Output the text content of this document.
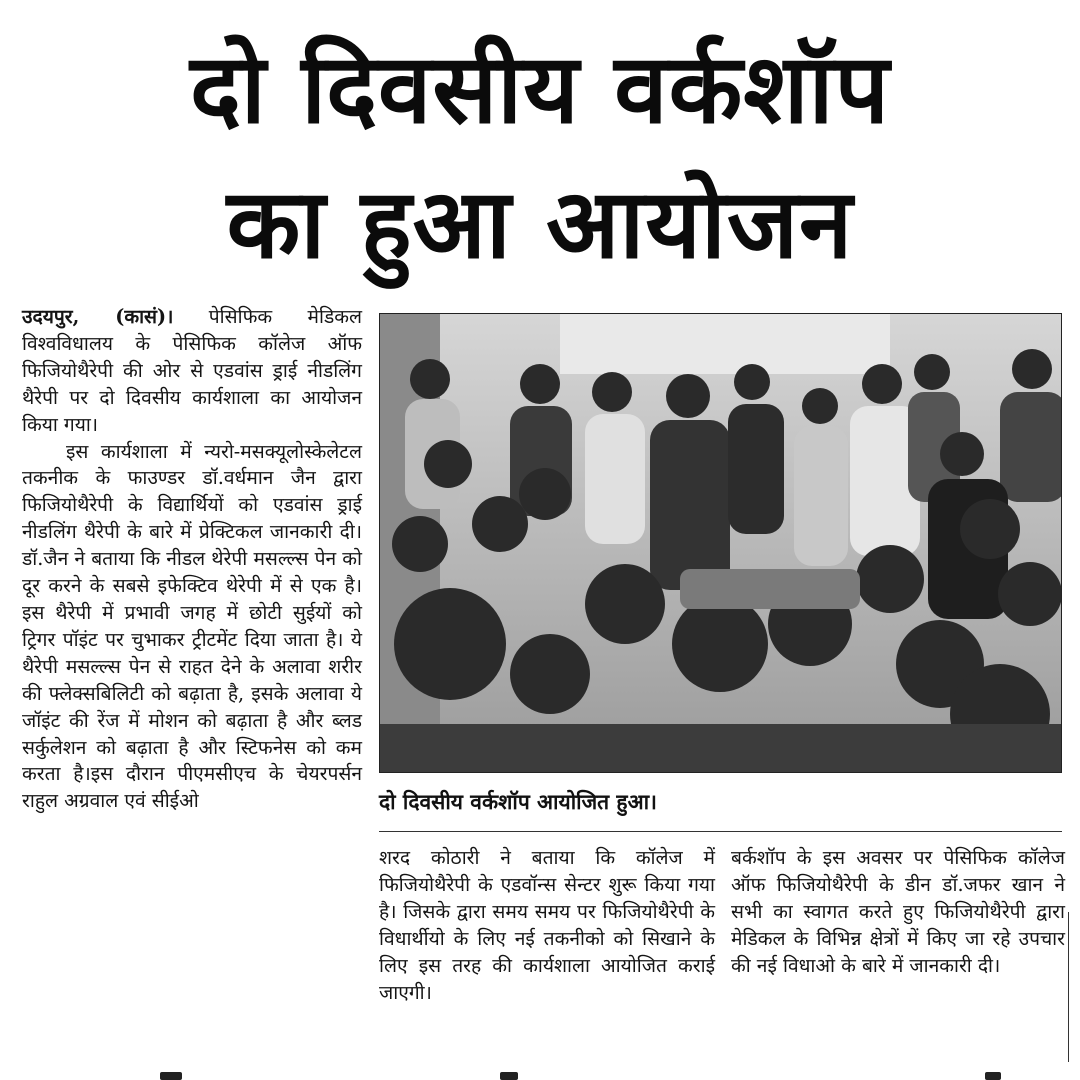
दो दिवसीय वर्कशॉप
का हुआ आयोजन

उदयपुर, (कासं)। पेसिफिक मेडिकल विश्वविधालय के पेसिफिक कॉलेज ऑफ फिजियोथैरेपी की ओर से एडवांस ड्राई नीडलिंग थैरेपी पर दो दिवसीय कार्यशाला का आयोजन किया गया।

इस कार्यशाला में न्यरो-मसक्यूलोस्केलेटल तकनीक के फाउण्डर डॉ.वर्धमान जैन द्वारा फिजियोथैरेपी के विद्यार्थियों को एडवांस ड्राई नीडलिंग थैरेपी के बारे में प्रेक्टिकल जानकारी दी। डॉ.जैन ने बताया कि नीडल थेरेपी मसल्ल्स पेन को दूर करने के सबसे इफेक्टिव थेरेपी में से एक है। इस थैरेपी में प्रभावी जगह में छोटी सुईयों को ट्रिगर पॉइंट पर चुभाकर ट्रीटमेंट दिया जाता है। ये थैरेपी मसल्ल्स पेन से राहत देने के अलावा शरीर की फ्लेक्सबिलिटी को बढ़ाता है, इसके अलावा ये जॉइंट की रेंज में मोशन को बढ़ाता है और ब्लड सर्कुलेशन को बढ़ाता है और स्टिफनेस को कम करता है।इस दौरान पीएमसीएच के चेयरपर्सन राहुल अग्रवाल एवं सीईओ	दो दिवसीय वर्कशॉप आयोजित हुआ।

शरद कोठारी ने बताया कि कॉलेज में फिजियोथैरेपी के एडवॉन्स सेन्टर शुरू किया गया है। जिसके द्वारा समय समय पर फिजियोथैरेपी के विधार्थीयो के लिए नई तकनीको को सिखाने के लिए इस तरह की कार्यशाला आयोजित कराई जाएगी।

बर्कशॉप के इस अवसर पर पेसिफिक कॉलेज ऑफ फिजियोथैरेपी के डीन डॉ.जफर खान ने सभी का स्वागत करते हुए फिजियोथैरेपी द्वारा मेडिकल के विभिन्न क्षेत्रों में किए जा रहे उपचार की नई विधाओ के बारे में जानकारी दी।
